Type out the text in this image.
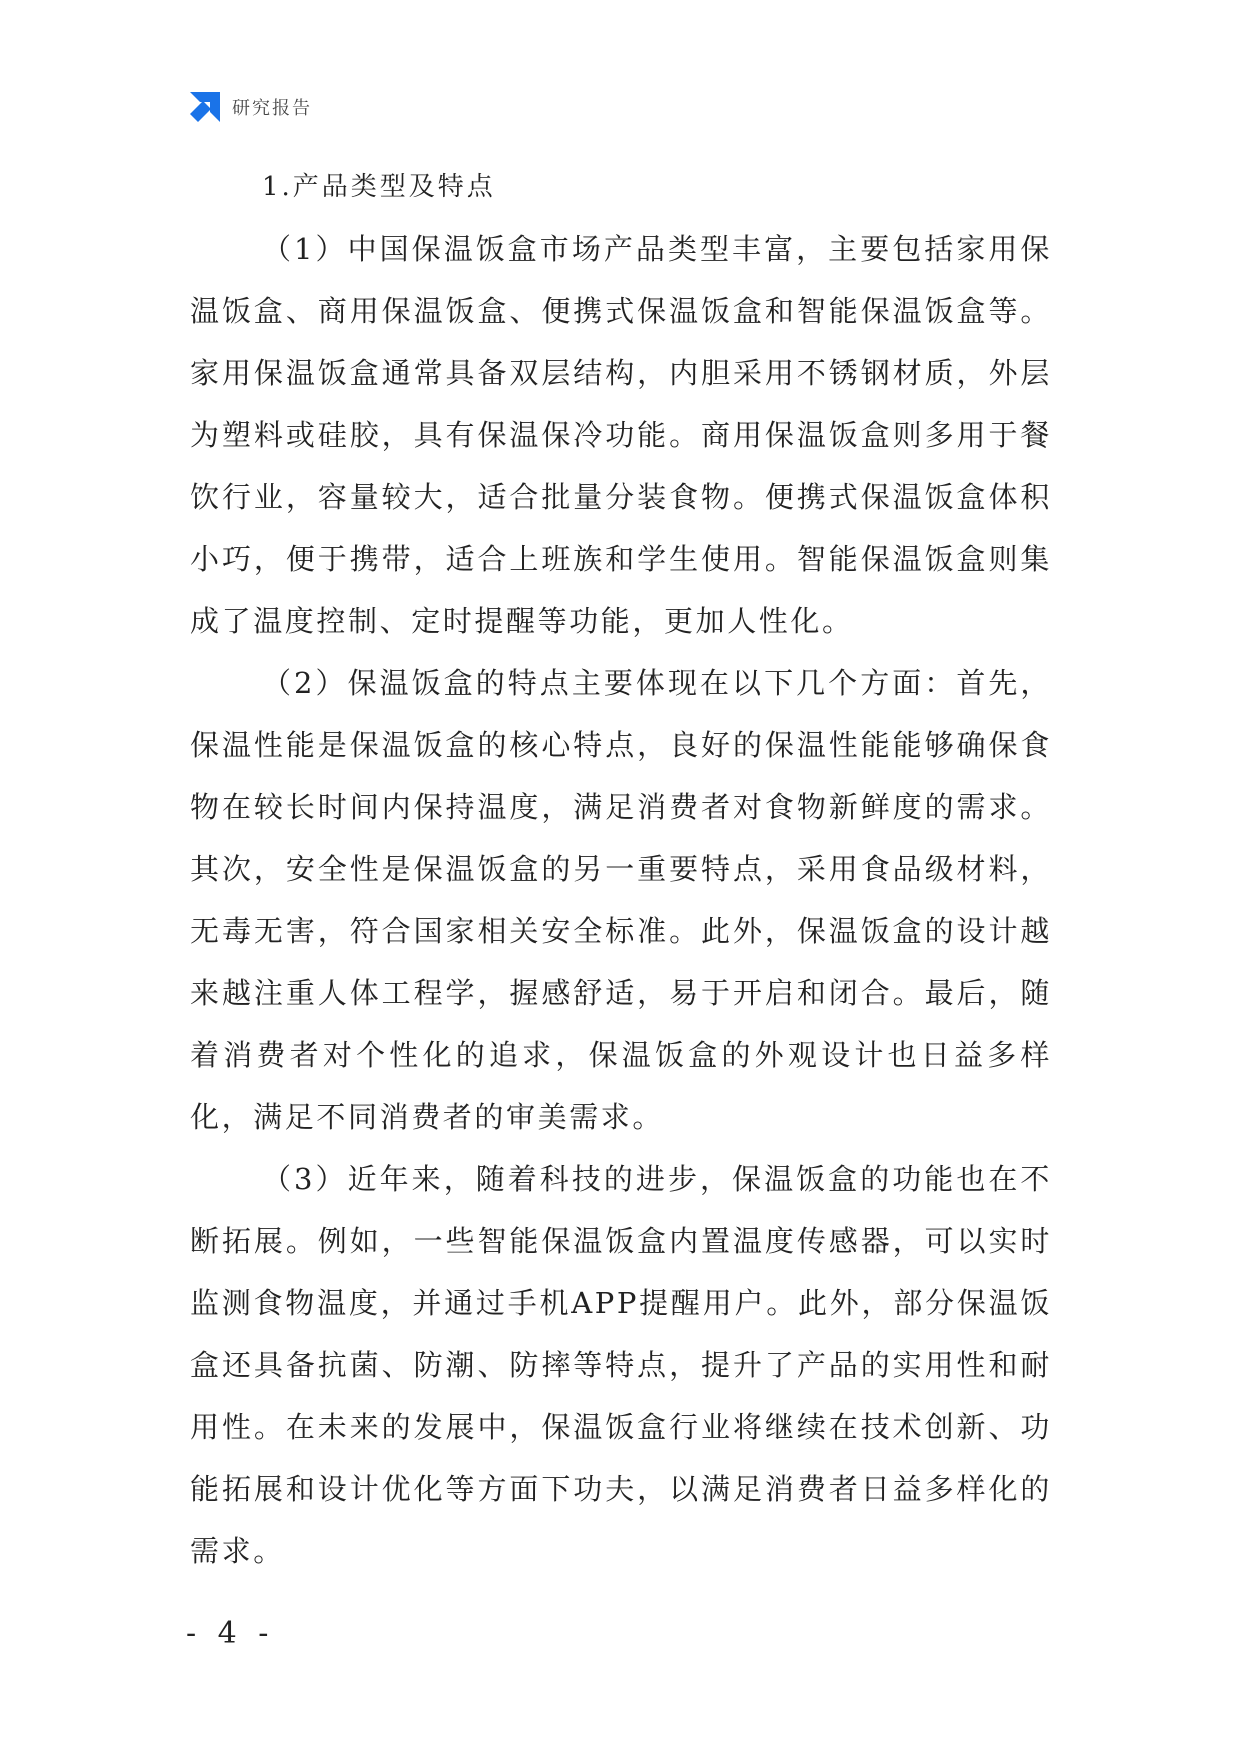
研究报告
1.产品类型及特点

（1）中国保温饭盒市场产品类型丰富，主要包括家用保温饭盒、商用保温饭盒、便携式保温饭盒和智能保温饭盒等。家用保温饭盒通常具备双层结构，内胆采用不锈钢材质，外层为塑料或硅胶，具有保温保冷功能。商用保温饭盒则多用于餐饮行业，容量较大，适合批量分装食物。便携式保温饭盒体积小巧，便于携带，适合上班族和学生使用。智能保温饭盒则集成了温度控制、定时提醒等功能，更加人性化。

（2）保温饭盒的特点主要体现在以下几个方面：首先，保温性能是保温饭盒的核心特点，良好的保温性能能够确保食物在较长时间内保持温度，满足消费者对食物新鲜度的需求。其次，安全性是保温饭盒的另一重要特点，采用食品级材料，无毒无害，符合国家相关安全标准。此外，保温饭盒的设计越来越注重人体工程学，握感舒适，易于开启和闭合。最后，随着消费者对个性化的追求，保温饭盒的外观设计也日益多样化，满足不同消费者的审美需求。

（3）近年来，随着科技的进步，保温饭盒的功能也在不断拓展。例如，一些智能保温饭盒内置温度传感器，可以实时监测食物温度，并通过手机APP提醒用户。此外，部分保温饭盒还具备抗菌、防潮、防摔等特点，提升了产品的实用性和耐用性。在未来的发展中，保温饭盒行业将继续在技术创新、功能拓展和设计优化等方面下功夫，以满足消费者日益多样化的需求。

- 4 -
